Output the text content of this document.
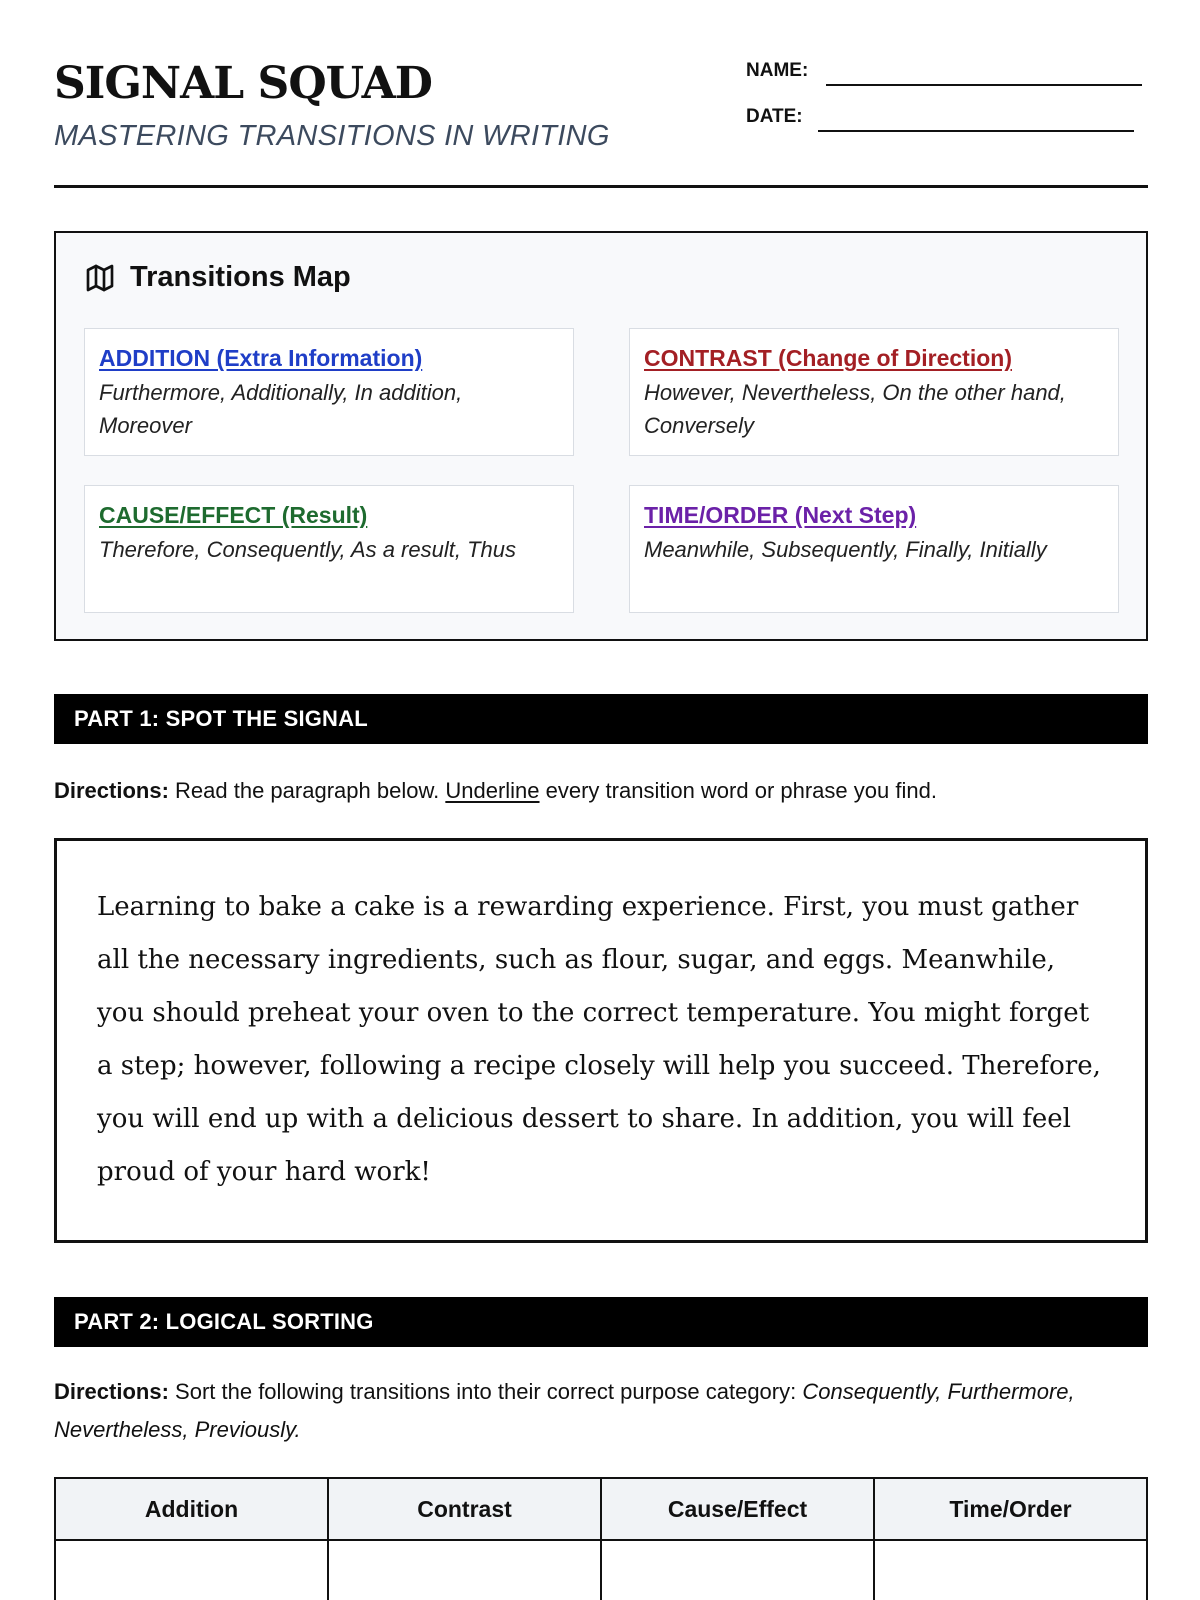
SIGNAL SQUAD
MASTERING TRANSITIONS IN WRITING
NAME:
DATE:
Transitions Map
ADDITION (Extra Information)
Furthermore, Additionally, In addition, Moreover
CONTRAST (Change of Direction)
However, Nevertheless, On the other hand, Conversely
CAUSE/EFFECT (Result)
Therefore, Consequently, As a result, Thus
TIME/ORDER (Next Step)
Meanwhile, Subsequently, Finally, Initially
PART 1: SPOT THE SIGNAL
Directions: Read the paragraph below. Underline every transition word or phrase you find.

Learning to bake a cake is a rewarding experience. First, you must gather all the necessary ingredients, such as flour, sugar, and eggs. Meanwhile, you should preheat your oven to the correct temperature. You might forget a step; however, following a recipe closely will help you succeed. Therefore, you will end up with a delicious dessert to share. In addition, you will feel proud of your hard work!

PART 2: LOGICAL SORTING
Directions: Sort the following transitions into their correct purpose category: Consequently, Furthermore, Nevertheless, Previously.
Addition	Contrast	Cause/Effect	Time/Order
